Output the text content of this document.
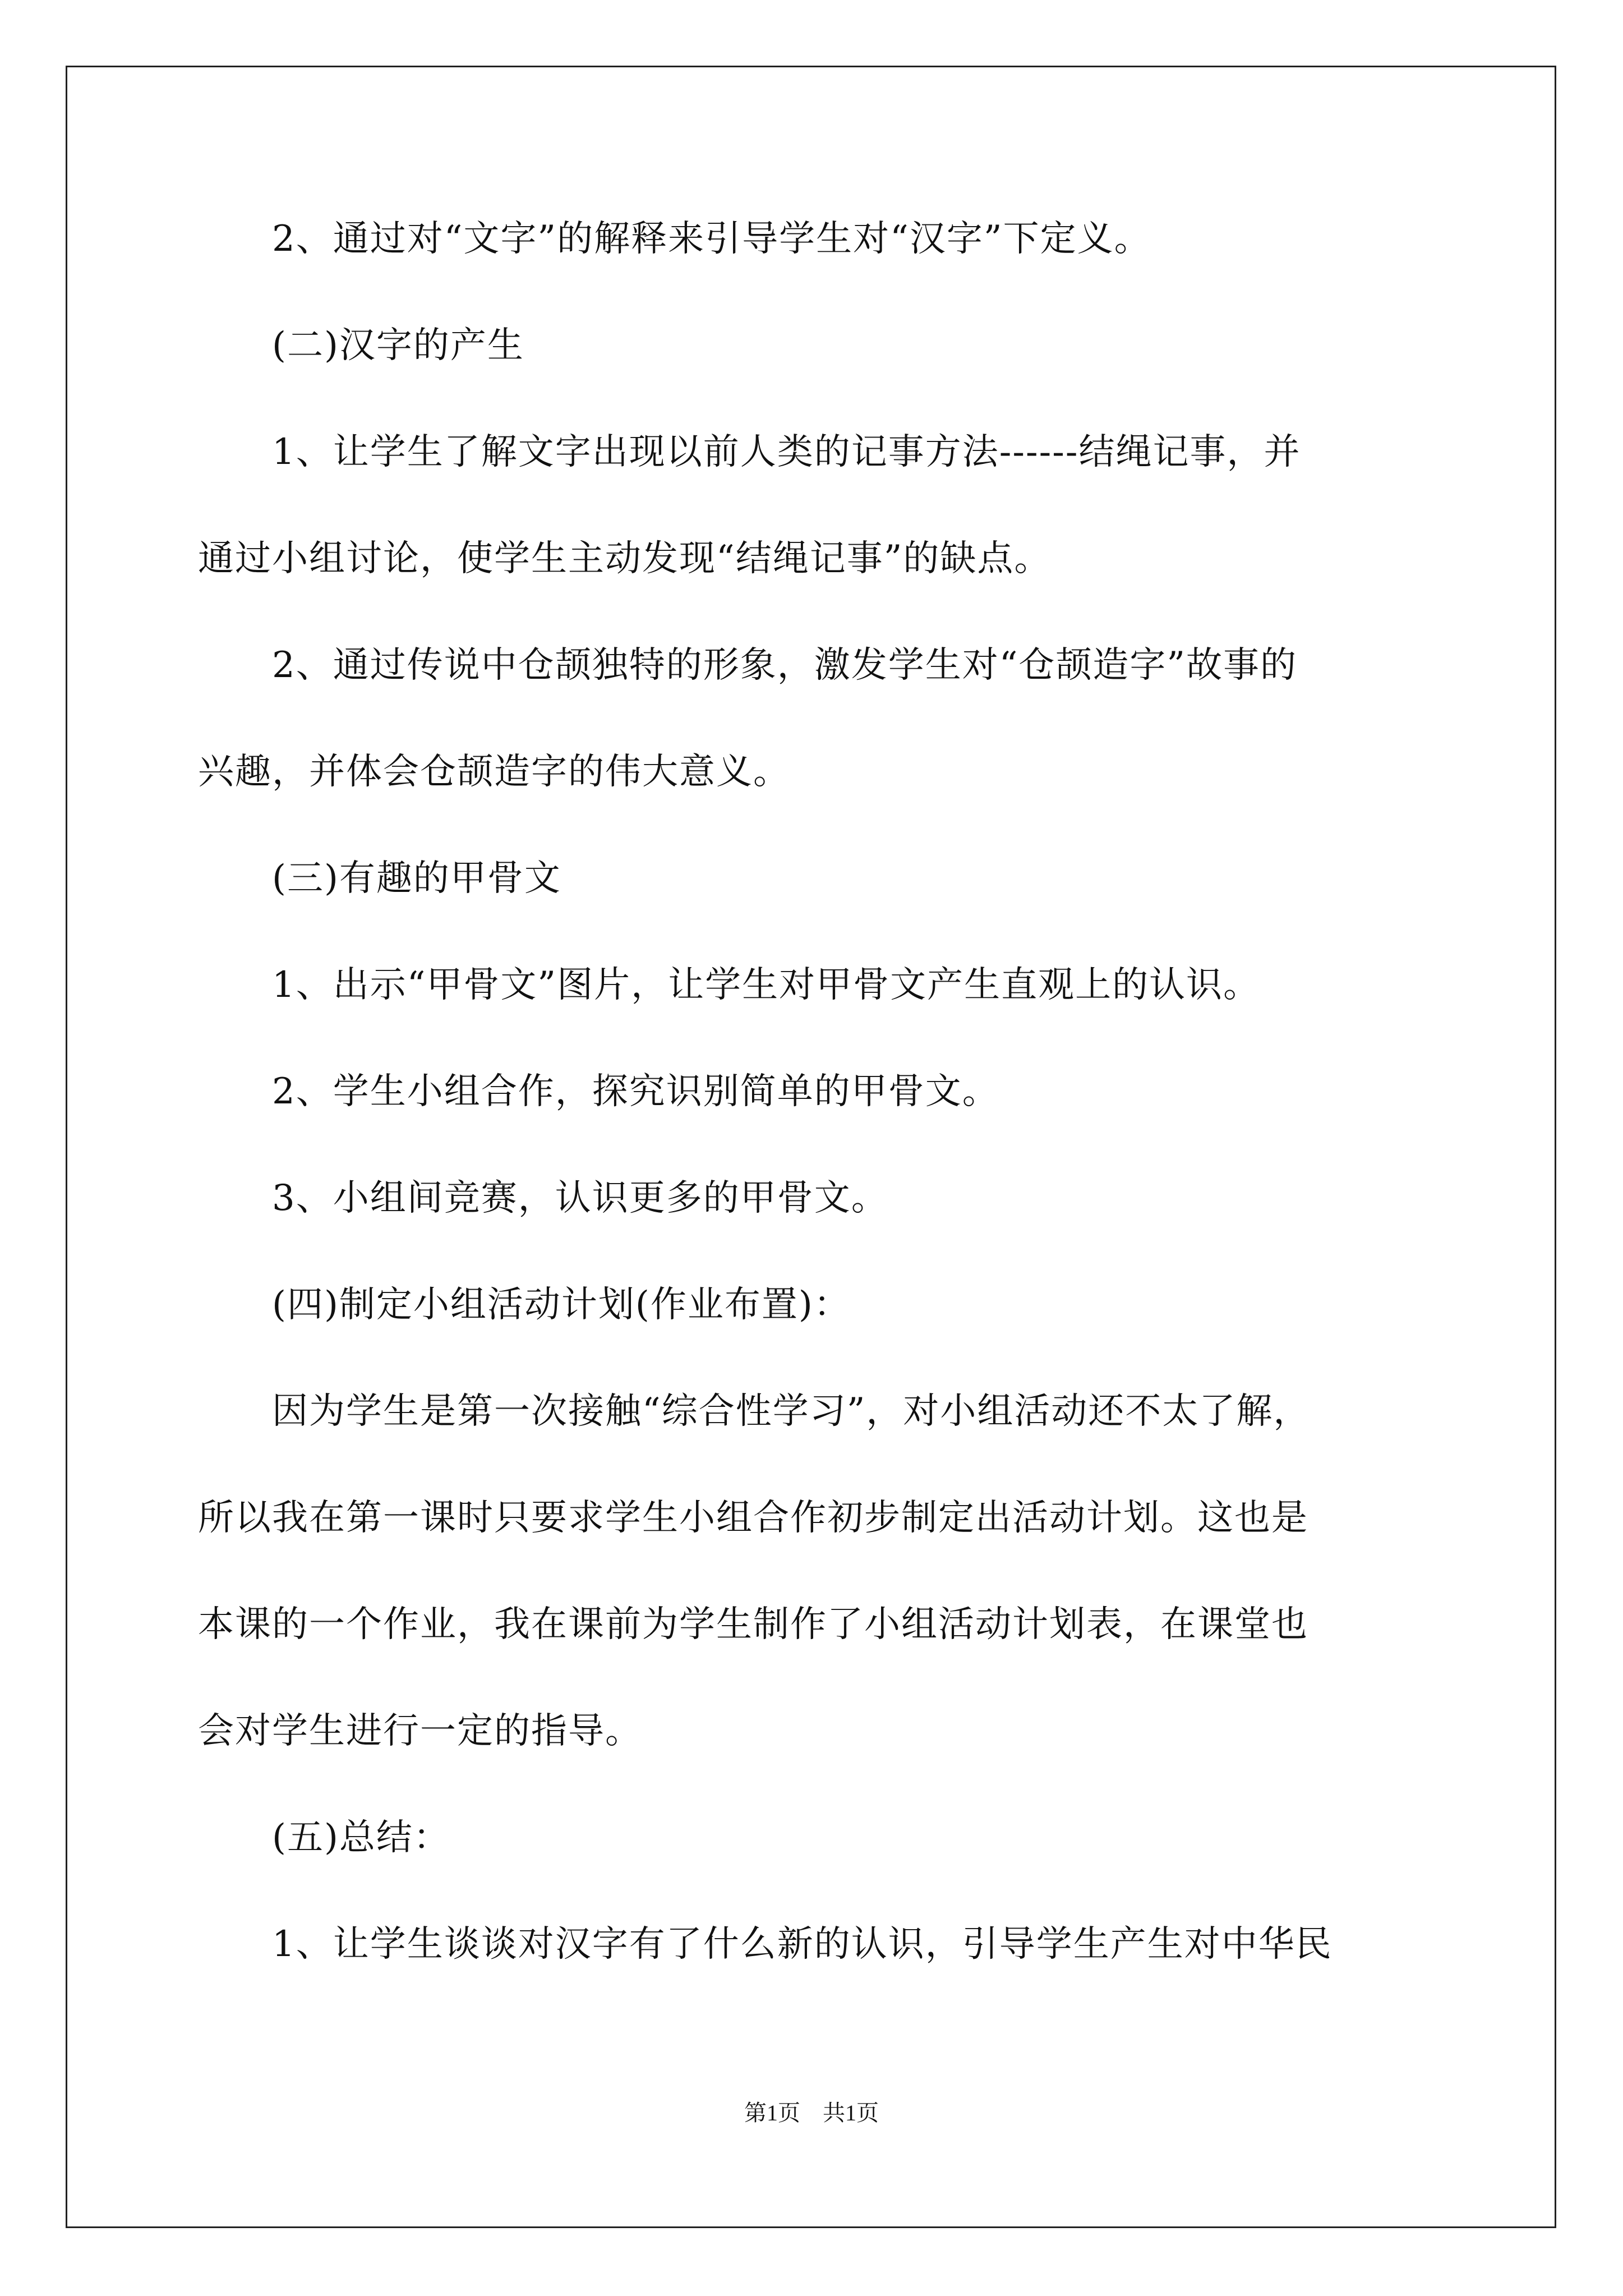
　　2、通过对“文字”的解释来引导学生对“汉字”下定义。
　　(二)汉字的产生
　　1、让学生了解文字出现以前人类的记事方法------结绳记事，并
通过小组讨论，使学生主动发现“结绳记事”的缺点。
　　2、通过传说中仓颉独特的形象，激发学生对“仓颉造字”故事的
兴趣，并体会仓颉造字的伟大意义。
　　(三)有趣的甲骨文
　　1、出示“甲骨文”图片，让学生对甲骨文产生直观上的认识。
　　2、学生小组合作，探究识别简单的甲骨文。
　　3、小组间竞赛，认识更多的甲骨文。
　　(四)制定小组活动计划(作业布置)：
　　因为学生是第一次接触“综合性学习”，对小组活动还不太了解，
所以我在第一课时只要求学生小组合作初步制定出活动计划。这也是
本课的一个作业，我在课前为学生制作了小组活动计划表，在课堂也
会对学生进行一定的指导。
　　(五)总结：
　　1、让学生谈谈对汉字有了什么新的认识，引导学生产生对中华民
第1页　共1页
